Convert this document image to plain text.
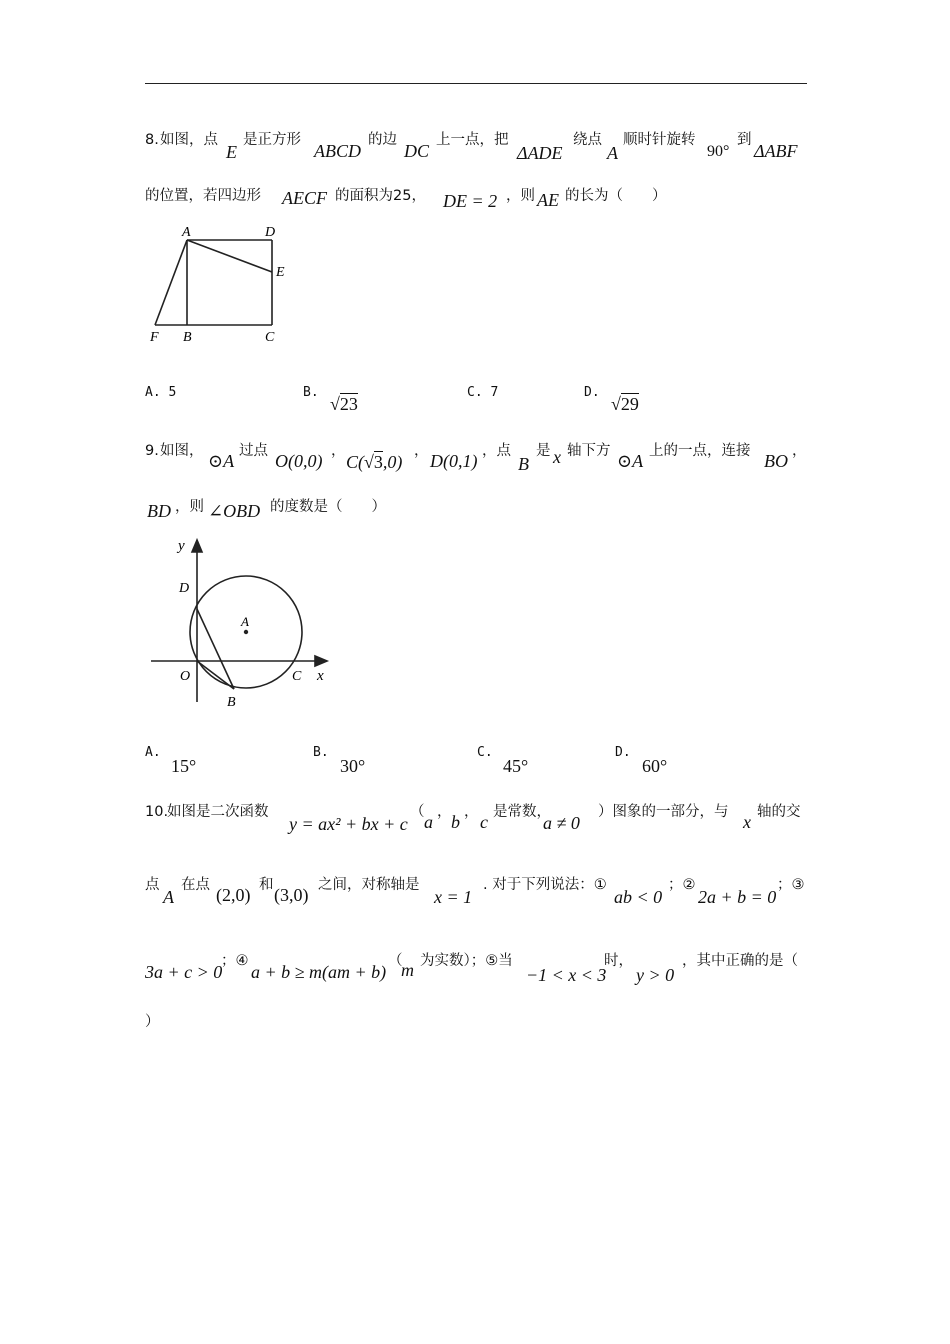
8. 如图，点
E
是正方形
ABCD
的边
DC
上一点，把
ΔADE
绕点
A
顺时针旋转
90°
到
ΔABF
的位置，若四边形 AECF 的面积为25， DE = 2 ，则 AE 的长为（　　）
A	D
E
F B	C
A. 5	B.
√23
C. 7	D.
√29
9. 如图， ⊙A 过点 O(0,0) ，
C(√3,0)
， D(0,1) ，点
B
是 x 轴下方 ⊙A 上的一点，连接 BO ，
BD ，则 ∠OBD 的度数是（　　）
y
D
A
O	C x
B
A.
15°
B.
30°
C.
45°
D.
60°
10.
如图是二次函数
y = ax² + bx + c
（ a ， b ， c 是常数，
a ≠ 0
）图象的一部分，与 x 轴的交
点
A
在点 (2,0) 和 (3,0) 之间，对称轴是
x = 1
. 对于下列说法：①
ab < 0
；②
2a + b = 0
；③
3a + c > 0
；④
a + b ≥ m(am + b)
（
m 为实数）；⑤当
−1 < x < 3
时，
y > 0
，其中正确的是（
）
